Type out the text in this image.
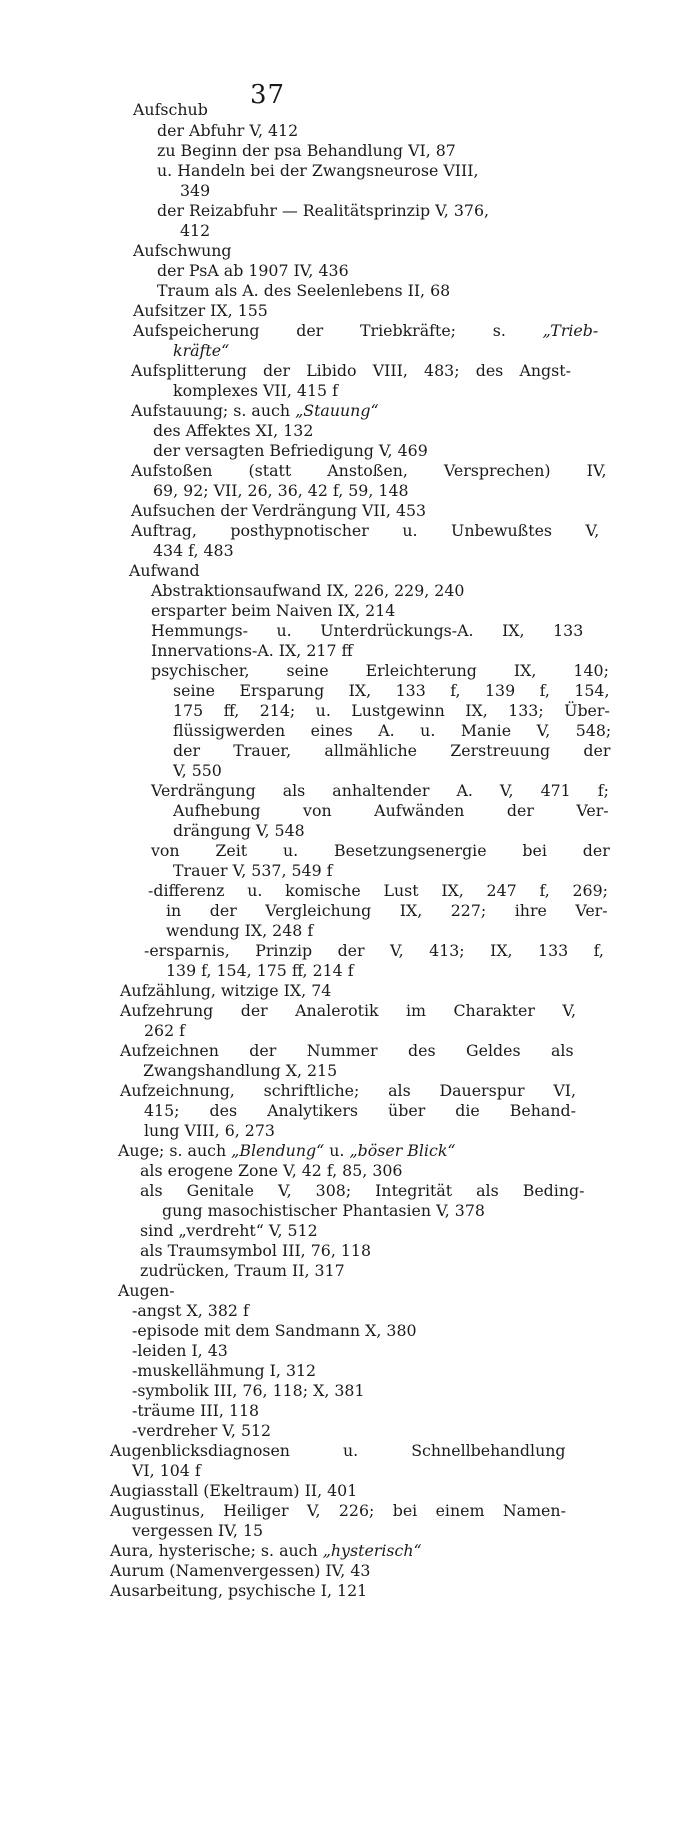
37
Aufschub
der Abfuhr V, 412
zu Beginn der psa Behandlung VI, 87
u. Handeln bei der Zwangsneurose VIII,
349
der Reizabfuhr — Realitätsprinzip V, 376,
412
Aufschwung
der PsA ab 1907 IV, 436
Traum als A. des Seelenlebens II, 68
Aufsitzer IX, 155
Aufspeicherung der Triebkräfte; s. „Trieb-
kräfte“
Aufsplitterung der Libido VIII, 483; des Angst-
komplexes VII, 415 f
Aufstauung; s. auch „Stauung“
des Affektes XI, 132
der versagten Befriedigung V, 469
Aufstoßen (statt Anstoßen, Versprechen) IV,
69, 92; VII, 26, 36, 42 f, 59, 148
Aufsuchen der Verdrängung VII, 453
Auftrag, posthypnotischer u. Unbewußtes V,
434 f, 483
Aufwand
Abstraktionsaufwand IX, 226, 229, 240
ersparter beim Naiven IX, 214
Hemmungs- u. Unterdrückungs-A. IX, 133
Innervations-A. IX, 217 ff
psychischer, seine Erleichterung IX, 140;
seine Ersparung IX, 133 f, 139 f, 154,
175 ff, 214; u. Lustgewinn IX, 133; Über-
flüssigwerden eines A. u. Manie V, 548;
der Trauer, allmähliche Zerstreuung der
V, 550
Verdrängung als anhaltender A. V, 471 f;
Aufhebung von Aufwänden der Ver-
drängung V, 548
von Zeit u. Besetzungsenergie bei der
Trauer V, 537, 549 f
-differenz u. komische Lust IX, 247 f, 269;
in der Vergleichung IX, 227; ihre Ver-
wendung IX, 248 f
-ersparnis, Prinzip der V, 413; IX, 133 f,
139 f, 154, 175 ff, 214 f
Aufzählung, witzige IX, 74
Aufzehrung der Analerotik im Charakter V,
262 f
Aufzeichnen der Nummer des Geldes als
Zwangshandlung X, 215
Aufzeichnung, schriftliche; als Dauerspur VI,
415; des Analytikers über die Behand-
lung VIII, 6, 273
Auge; s. auch „Blendung“ u. „böser Blick“
als erogene Zone V, 42 f, 85, 306
als Genitale V, 308; Integrität als Beding-
gung masochistischer Phantasien V, 378
sind „verdreht“ V, 512
als Traumsymbol III, 76, 118
zudrücken, Traum II, 317
Augen-
-angst X, 382 f
-episode mit dem Sandmann X, 380
-leiden I, 43
-muskellähmung I, 312
-symbolik III, 76, 118; X, 381
-träume III, 118
-verdreher V, 512
Augenblicksdiagnosen u. Schnellbehandlung
VI, 104 f
Augiasstall (Ekeltraum) II, 401
Augustinus, Heiliger V, 226; bei einem Namen-
vergessen IV, 15
Aura, hysterische; s. auch „hysterisch“
Aurum (Namenvergessen) IV, 43
Ausarbeitung, psychische I, 121
